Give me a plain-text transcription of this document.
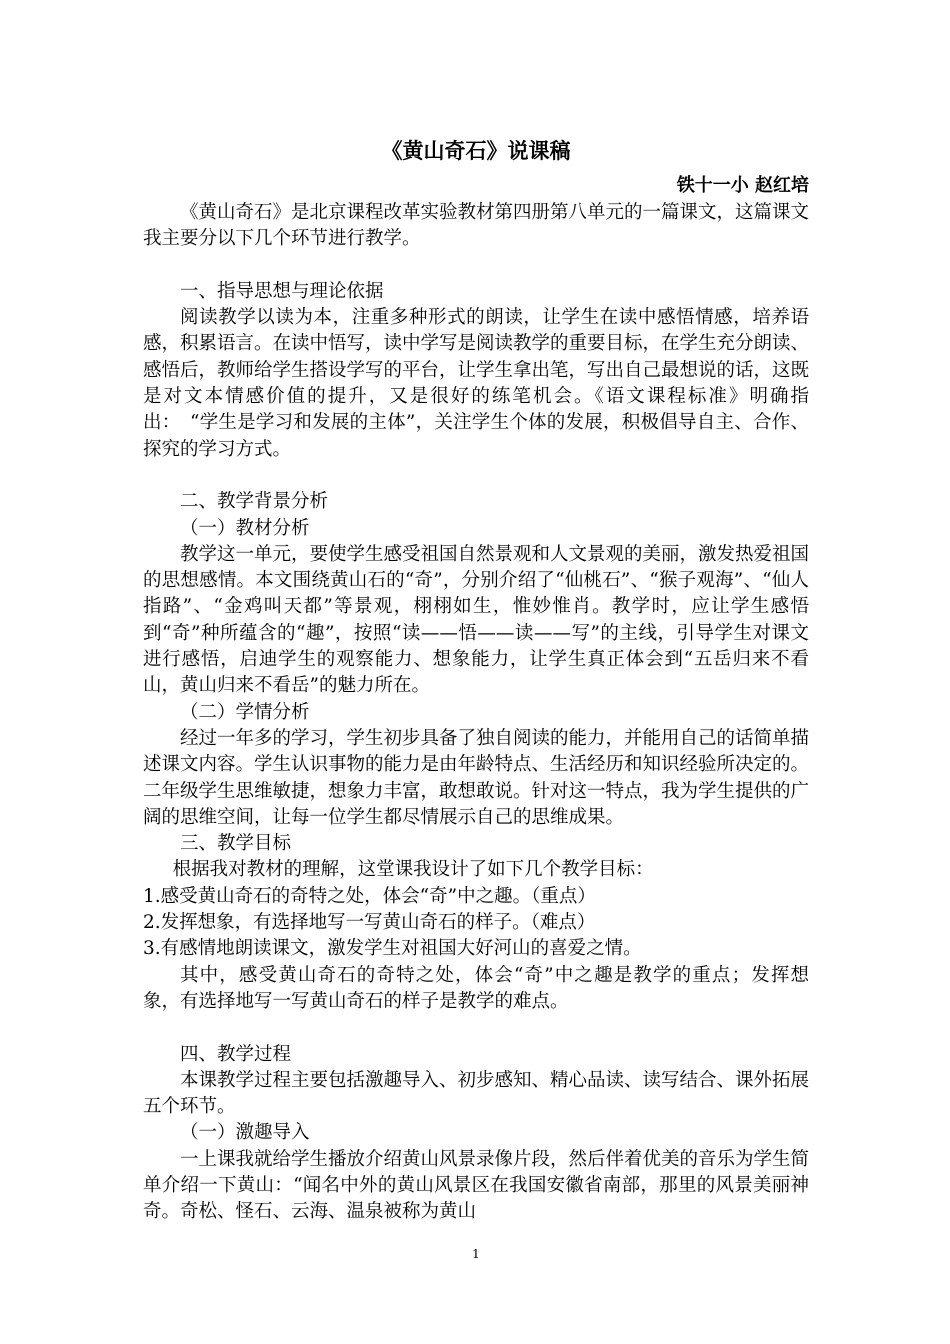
《黄山奇石》说课稿

铁十一小 赵红培

《黄山奇石》是北京课程改革实验教材第四册第八单元的一篇课文，这篇课文我主要分以下几个环节进行教学。

一、指导思想与理论依据

阅读教学以读为本，注重多种形式的朗读，让学生在读中感悟情感，培养语感，积累语言。在读中悟写，读中学写是阅读教学的重要目标，在学生充分朗读、感悟后，教师给学生搭设学写的平台，让学生拿出笔，写出自己最想说的话，这既是对文本情感价值的提升，又是很好的练笔机会。《语文课程标准》明确指出：　“学生是学习和发展的主体”，关注学生个体的发展，积极倡导自主、合作、探究的学习方式。

二、教学背景分析

（一）教材分析

教学这一单元，要使学生感受祖国自然景观和人文景观的美丽，激发热爱祖国的思想感情。本文围绕黄山石的“奇”，分别介绍了“仙桃石”、“猴子观海”、“仙人指路”、“金鸡叫天都”等景观，栩栩如生，惟妙惟肖。教学时，应让学生感悟到“奇”种所蕴含的“趣”，按照“读——悟——读——写”的主线，引导学生对课文进行感悟，启迪学生的观察能力、想象能力，让学生真正体会到“五岳归来不看山，黄山归来不看岳”的魅力所在。

（二）学情分析

经过一年多的学习，学生初步具备了独自阅读的能力，并能用自己的话简单描述课文内容。学生认识事物的能力是由年龄特点、生活经历和知识经验所决定的。二年级学生思维敏捷，想象力丰富，敢想敢说。针对这一特点，我为学生提供的广阔的思维空间，让每一位学生都尽情展示自己的思维成果。

三、教学目标

根据我对教材的理解，这堂课我设计了如下几个教学目标：

1.感受黄山奇石的奇特之处，体会“奇”中之趣。（重点）

2.发挥想象，有选择地写一写黄山奇石的样子。（难点）

3.有感情地朗读课文，激发学生对祖国大好河山的喜爱之情。

其中，感受黄山奇石的奇特之处，体会“奇”中之趣是教学的重点；发挥想象，有选择地写一写黄山奇石的样子是教学的难点。

四、教学过程

本课教学过程主要包括激趣导入、初步感知、精心品读、读写结合、课外拓展五个环节。

（一）激趣导入

一上课我就给学生播放介绍黄山风景录像片段，然后伴着优美的音乐为学生简单介绍一下黄山：“闻名中外的黄山风景区在我国安徽省南部，那里的风景美丽神奇。奇松、怪石、云海、温泉被称为黄山

1
